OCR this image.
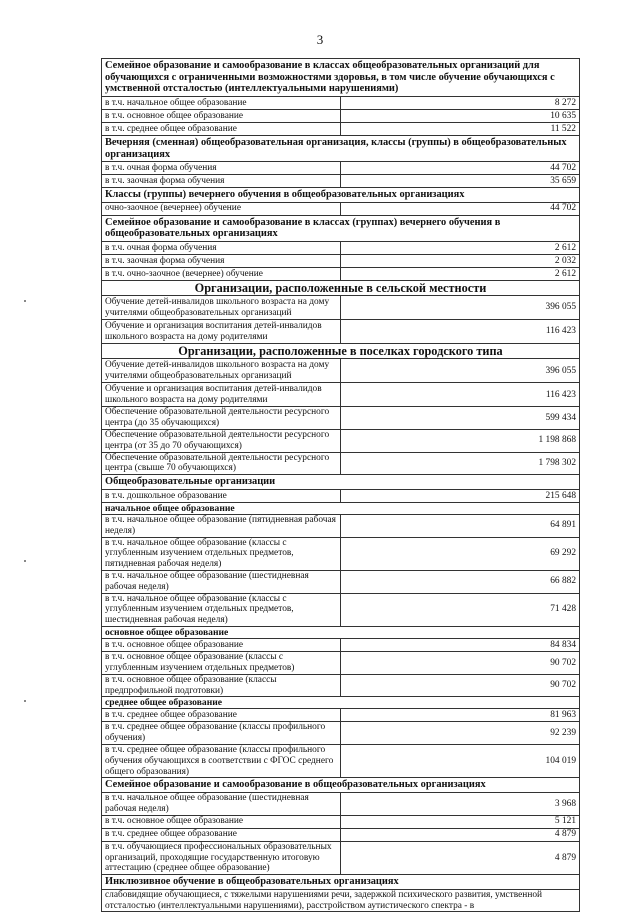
3
Семейное образование и самообразование в классах общеобразовательных организаций для обучающихся с ограниченными возможностями здоровья, в том числе обучение обучающихся с умственной отсталостью (интеллектуальными нарушениями)	
в т.ч. начальное общее образование	8 272
в т.ч. основное общее образование	10 635
в т.ч. среднее общее образование	11 522
Вечерняя (сменная) общеобразовательная организация, классы (группы) в общеобразовательных организациях	
в т.ч. очная форма обучения	44 702
в т.ч. заочная форма обучения	35 659
Классы (группы) вечернего обучения в общеобразовательных организациях	
очно-заочное (вечернее) обучение	44 702
Семейное образование и самообразование в классах (группах) вечернего обучения в общеобразовательных организациях	
в т.ч. очная форма обучения	2 612
в т.ч. заочная форма обучения	2 032
в т.ч. очно-заочное (вечернее) обучение	2 612
Организации, расположенные в сельской местности	
Обучение детей-инвалидов школьного возраста на дому учителями общеобразовательных организаций	396 055
Обучение и организация воспитания детей-инвалидов школьного возраста на дому родителями	116 423
Организации, расположенные в поселках городского типа	
Обучение детей-инвалидов школьного возраста на дому учителями общеобразовательных организаций	396 055
Обучение и организация воспитания детей-инвалидов школьного возраста на дому родителями	116 423
Обеспечение образовательной деятельности ресурсного центра (до 35 обучающихся)	599 434
Обеспечение образовательной деятельности ресурсного центра (от 35 до 70 обучающихся)	1 198 868
Обеспечение образовательной деятельности ресурсного центра (свыше 70 обучающихся)	1 798 302
Общеобразовательные организации	
в т.ч. дошкольное образование	215 648
начальное общее образование	
в т.ч. начальное общее образование (пятидневная рабочая неделя)	64 891
в т.ч. начальное общее образование (классы с углубленным изучением отдельных предметов, пятидневная рабочая неделя)	69 292
в т.ч. начальное общее образование (шестидневная рабочая неделя)	66 882
в т.ч. начальное общее образование (классы с углубленным изучением отдельных предметов, шестидневная рабочая неделя)	71 428
основное общее образование	
в т.ч. основное общее образование	84 834
в т.ч. основное общее образование (классы с углубленным изучением отдельных предметов)	90 702
в т.ч. основное общее образование (классы предпрофильной подготовки)	90 702
среднее общее образование	
в т.ч. среднее общее образование	81 963
в т.ч. среднее общее образование (классы профильного обучения)	92 239
в т.ч. среднее общее образование (классы профильного обучения обучающихся в соответствии с ФГОС среднего общего образования)	104 019
Семейное образование и самообразование в общеобразовательных организациях	
в т.ч. начальное общее образование (шестидневная рабочая неделя)	3 968
в т.ч. основное общее образование	5 121
в т.ч. среднее общее образование	4 879
в т.ч. обучающиеся профессиональных образовательных организаций, проходящие государственную итоговую аттестацию (среднее общее образование)	4 879
Инклюзивное обучение в общеобразовательных организациях	
слабовидящие обучающиеся, с тяжелыми нарушениями речи, задержкой психического развития, умственной отсталостью (интеллектуальными нарушениями), расстройством аутистического спектра - в	
